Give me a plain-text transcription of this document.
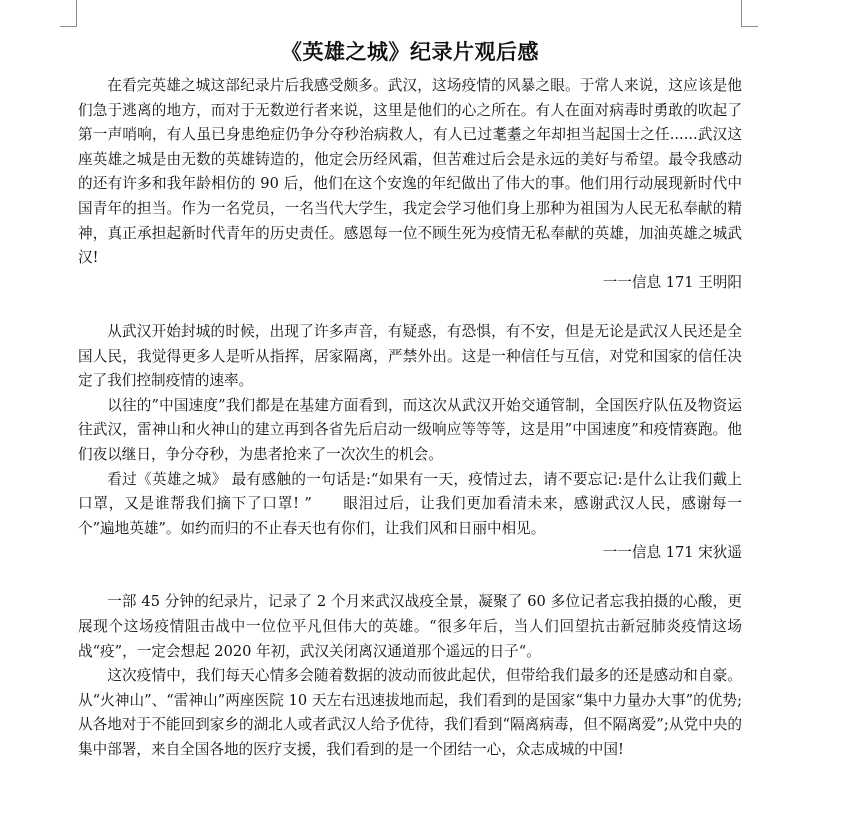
《英雄之城》纪录片观后感

在看完英雄之城这部纪录片后我感受颇多。武汉，这场疫情的风暴之眼。于常人来说，这应该是他们急于逃离的地方，而对于无数逆行者来说，这里是他们的心之所在。有人在面对病毒时勇敢的吹起了第一声哨响，有人虽已身患绝症仍争分夺秒治病救人，有人已过耄耋之年却担当起国士之任......武汉这座英雄之城是由无数的英雄铸造的，他定会历经风霜，但苦难过后会是永远的美好与希望。最令我感动的还有许多和我年龄相仿的 90 后，他们在这个安逸的年纪做出了伟大的事。他们用行动展现新时代中国青年的担当。作为一名党员，一名当代大学生，我定会学习他们身上那种为祖国为人民无私奉献的精神，真正承担起新时代青年的历史责任。感恩每一位不顾生死为疫情无私奉献的英雄，加油英雄之城武汉!

一一信息 171 王明阳

从武汉开始封城的时候，出现了许多声音，有疑惑，有恐惧，有不安，但是无论是武汉人民还是全国人民，我觉得更多人是听从指挥，居家隔离，严禁外出。这是一种信任与互信，对党和国家的信任决定了我们控制疫情的速率。

以往的”中国速度”我们都是在基建方面看到，而这次从武汉开始交通管制，全国医疗队伍及物资运往武汉，雷神山和火神山的建立再到各省先后启动一级响应等等等，这是用”中国速度”和疫情赛跑。他们夜以继日，争分夺秒，为患者抢来了一次次生的机会。

看过《英雄之城》 最有感触的一句话是:“如果有一天，疫情过去，请不要忘记:是什么让我们戴上口罩，又是谁帮我们摘下了口罩! ”　　眼泪过后，让我们更加看清未来，感谢武汉人民，感谢每一个”遍地英雄”。如约而归的不止春天也有你们，让我们风和日丽中相见。

一一信息 171 宋狄遥

一部 45 分钟的纪录片，记录了 2 个月来武汉战疫全景，凝聚了 60 多位记者忘我拍摄的心酸，更展现个这场疫情阻击战中一位位平凡但伟大的英雄。“很多年后，当人们回望抗击新冠肺炎疫情这场战“疫”，一定会想起 2020 年初，武汉关闭离汉通道那个遥远的日子“。

这次疫情中，我们每天心情多会随着数据的波动而彼此起伏，但带给我们最多的还是感动和自豪。从“火神山”、“雷神山”两座医院 10 天左右迅速拔地而起，我们看到的是国家“集中力量办大事”的优势;从各地对于不能回到家乡的湖北人或者武汉人给予优待，我们看到“隔离病毒，但不隔离爱”;从党中央的集中部署，来自全国各地的医疗支援，我们看到的是一个团结一心，众志成城的中国!
